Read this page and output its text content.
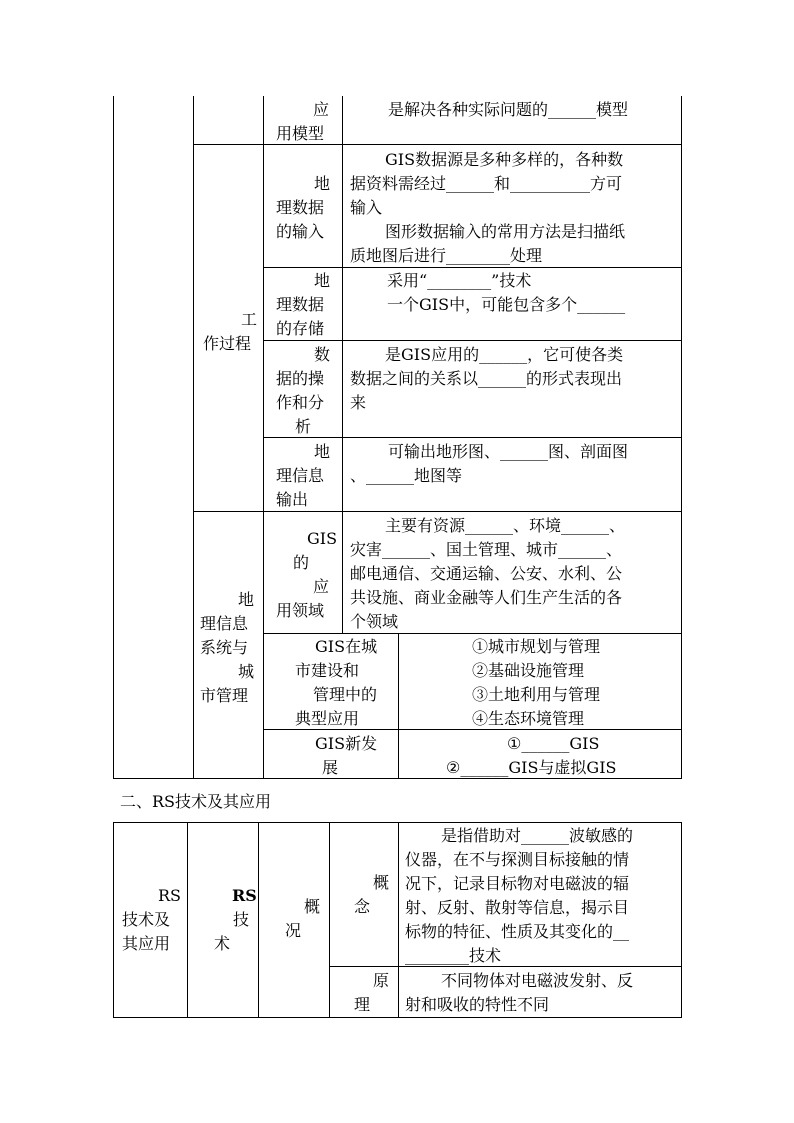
应
用模型
是解决各种实际问题的______模型
工
作过程
地
理数据
的输入
GIS数据源是多种多样的，各种数
据资料需经过______和__________方可
输入
图形数据输入的常用方法是扫描纸
质地图后进行________处理
地
理数据
的存储
采用“________”技术
一个GIS中，可能包含多个______
数
据的操
作和分
析
是GIS应用的______，它可使各类
数据之间的关系以______的形式表现出
来
地
理信息
输出
可输出地形图、______图、剖面图
、______地图等
地
理信息
系统与
城
市管理
GIS
的
应
用领域
主要有资源______、环境______、
灾害______、国土管理、城市______、
邮电通信、交通运输、公安、水利、公
共设施、商业金融等人们生产生活的各
个领域
GIS在城
市建设和
管理中的
典型应用
①城市规划与管理
②基础设施管理
③土地利用与管理
④生态环境管理
GIS新发
展
①______GIS
②______GIS与虚拟GIS
二、RS技术及其应用
RS
技术及
其应用
RS
技
术
概
况
概
念
是指借助对______波敏感的
仪器，在不与探测目标接触的情
况下，记录目标物对电磁波的辐
射、反射、散射等信息，揭示目
标物的特征、性质及其变化的__
________技术
原
理
不同物体对电磁波发射、反
射和吸收的特性不同
